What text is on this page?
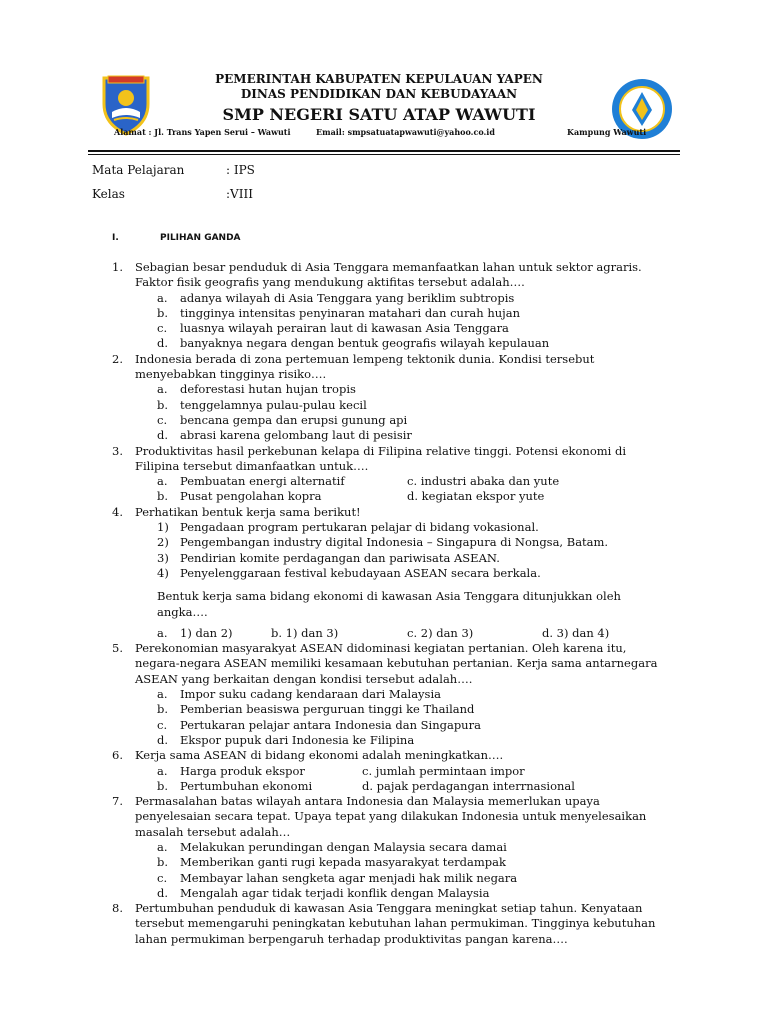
PEMERINTAH KABUPATEN KEPULAUAN YAPEN
DINAS PENDIDIKAN DAN KEBUDAYAAN
SMP NEGERI SATU ATAP WAWUTI
Alamat : Jl. Trans Yapen Serui – Wawuti	Email: smpsatuatapwawuti@yahoo.co.id	Kampung Wawuti
Mata Pelajaran	: IPS
Kelas	:VIII
I.	PILIHAN GANDA
1.	Sebagian besar penduduk di Asia Tenggara memanfaatkan lahan untuk sektor agraris. Faktor fisik geografis yang mendukung aktifitas tersebut adalah….
a.	adanya wilayah di Asia Tenggara yang beriklim subtropis
b.	tingginya intensitas penyinaran matahari dan curah hujan
c.	luasnya wilayah perairan laut di kawasan Asia Tenggara
d.	banyaknya negara dengan bentuk geografis wilayah kepulauan
2.	Indonesia berada di zona pertemuan lempeng tektonik dunia. Kondisi tersebut menyebabkan tingginya risiko….
a.	deforestasi hutan hujan tropis
b.	tenggelamnya pulau-pulau kecil
c.	bencana gempa dan erupsi gunung api
d.	abrasi karena gelombang laut di pesisir
3.	Produktivitas hasil perkebunan kelapa di Filipina relative tinggi. Potensi ekonomi di Filipina tersebut dimanfaatkan untuk….
a. Pembuatan energi alternatif	c. industri abaka dan yute
b. Pusat pengolahan kopra	d. kegiatan ekspor yute
4.	Perhatikan bentuk kerja sama berikut!
1) Pengadaan program pertukaran pelajar di bidang vokasional.
2) Pengembangan industry digital Indonesia – Singapura di Nongsa, Batam.
3) Pendirian komite perdagangan dan pariwisata ASEAN.
4) Penyelenggaraan festival kebudayaan ASEAN secara berkala.
Bentuk kerja sama bidang ekonomi di kawasan Asia Tenggara ditunjukkan oleh angka….
a. 1) dan 2)	b. 1) dan 3)	c. 2) dan 3)	d. 3) dan 4)
5.	Perekonomian masyarakyat ASEAN didominasi kegiatan pertanian. Oleh karena itu, negara-negara ASEAN memiliki kesamaan kebutuhan pertanian. Kerja sama antarnegara ASEAN yang berkaitan dengan kondisi tersebut adalah….
a.	Impor suku cadang kendaraan dari Malaysia
b.	Pemberian beasiswa perguruan tinggi ke Thailand
c.	Pertukaran pelajar antara Indonesia dan Singapura
d.	Ekspor pupuk dari Indonesia ke Filipina
6.	Kerja sama ASEAN di bidang ekonomi adalah meningkatkan….
a. Harga produk ekspor	c. jumlah permintaan impor
b. Pertumbuhan ekonomi	d. pajak perdagangan interrnasional
7.	Permasalahan batas wilayah antara Indonesia dan Malaysia memerlukan upaya penyelesaian secara tepat. Upaya tepat yang dilakukan Indonesia untuk menyelesaikan masalah tersebut adalah…
a.	Melakukan perundingan dengan Malaysia secara damai
b.	Memberikan ganti rugi kepada masyarakyat terdampak
c.	Membayar lahan sengketa agar menjadi hak milik negara
d.	Mengalah agar tidak terjadi konflik dengan Malaysia
8.	Pertumbuhan penduduk di kawasan Asia Tenggara meningkat setiap tahun. Kenyataan tersebut memengaruhi peningkatan kebutuhan lahan permukiman. Tingginya kebutuhan lahan permukiman berpengaruh terhadap produktivitas pangan karena….
